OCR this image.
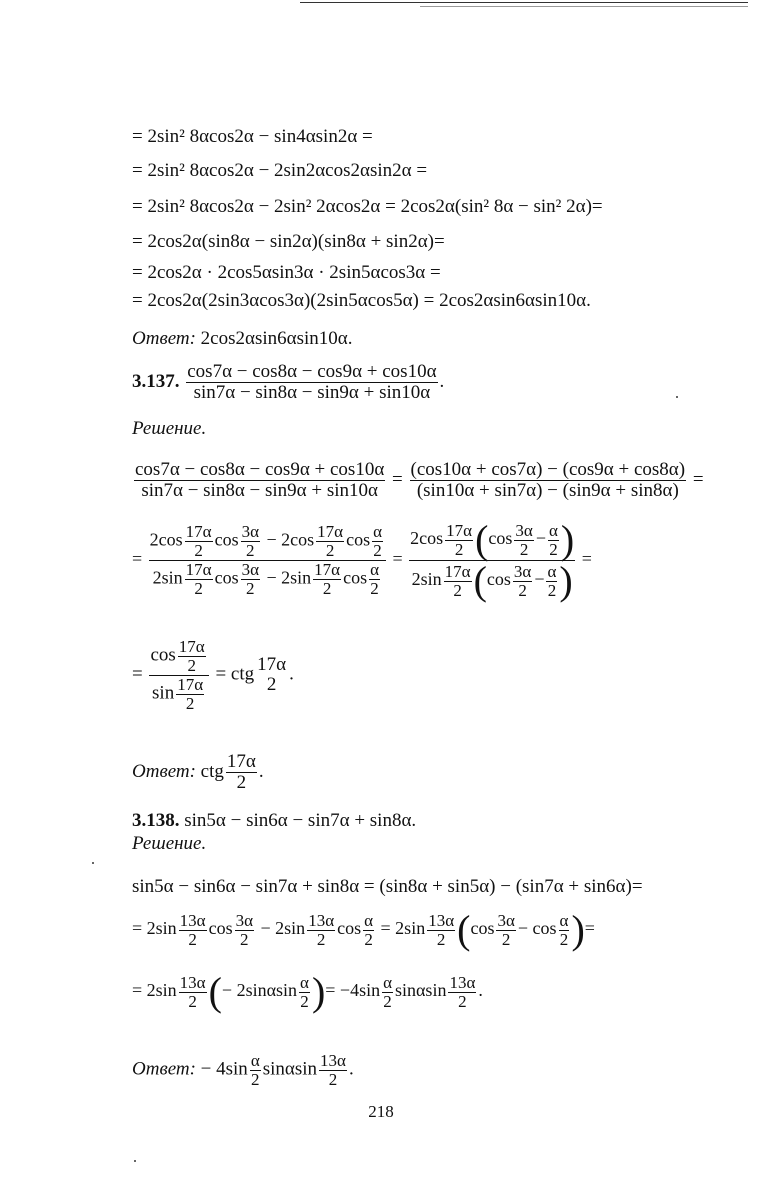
= 2sin² 8αcos2α − sin4αsin2α =
= 2sin² 8αcos2α − 2sin2αcos2αsin2α =
= 2sin² 8αcos2α − 2sin² 2αcos2α = 2cos2α(sin² 8α − sin² 2α)=
= 2cos2α(sin8α − sin2α)(sin8α + sin2α)=
= 2cos2α · 2cos5αsin3α · 2sin5αcos3α =
= 2cos2α(2sin3αcos3α)(2sin5αcos5α) = 2cos2αsin6αsin10α.
Ответ: 2cos2αsin6αsin10α.
3.137. $\frac{\cos 7\alpha - \cos 8\alpha - \cos 9\alpha + \cos 10\alpha}{\sin 7\alpha - \sin 8\alpha - \sin 9\alpha + \sin 10\alpha}$ .
Решение.
$\frac{\cos 7\alpha - \cos 8\alpha - \cos 9\alpha + \cos 10\alpha}{\sin 7\alpha - \sin 8\alpha - \sin 9\alpha + \sin 10\alpha} = \frac{(\cos 10\alpha + \cos 7\alpha) - (\cos 9\alpha + \cos 8\alpha)}{(\sin 10\alpha + \sin 7\alpha) - (\sin 9\alpha + \sin 8\alpha)}$ =
= $\frac{2\cos \frac{17\alpha}{2} \cos \frac{3\alpha}{2} - 2\cos \frac{17\alpha}{2} \cos \frac{\alpha}{2}}{2\sin \frac{17\alpha}{2} \cos \frac{3\alpha}{2} - 2\sin \frac{17\alpha}{2} \cos \frac{\alpha}{2}} = \frac{2\cos \frac{17\alpha}{2} (\cos \frac{3\alpha}{2} - \frac{\alpha}{2} )}{2\sin \frac{17\alpha}{2} (\cos \frac{3\alpha}{2} - \frac{\alpha}{2} )}$ =
= $\frac{\cos \frac{17\alpha}{2}}{\sin \frac{17\alpha}{2}}$ = ctg 17α
2
.
Ответ: ctg $\frac{17\alpha}{2}$ .
3.138. sin5α − sin6α − sin7α + sin8α.
Решение.
sin5α − sin6α − sin7α + sin8α = (sin8α + sin5α) − (sin7α + sin6α)=
= $2\sin \frac{13\alpha}{2}$ $\cos \frac{3\alpha}{2} - 2\sin \frac{13\alpha}{2}$ $\cos \frac{\alpha}{2} = 2\sin \frac{13\alpha}{2} (\cos \frac{3\alpha}{2} - \cos \frac{\alpha}{2}$ )=
= $2\sin \frac{13\alpha}{2}$ (− $2\sin\alpha\sin \frac{\alpha}{2}$ )= $-4\sin \frac{\alpha}{2}$ sinαsin $\frac{13\alpha}{2}$ .
Ответ: − $4\sin \frac{\alpha}{2}$ sinαsin $\frac{13\alpha}{2}$ .
218
